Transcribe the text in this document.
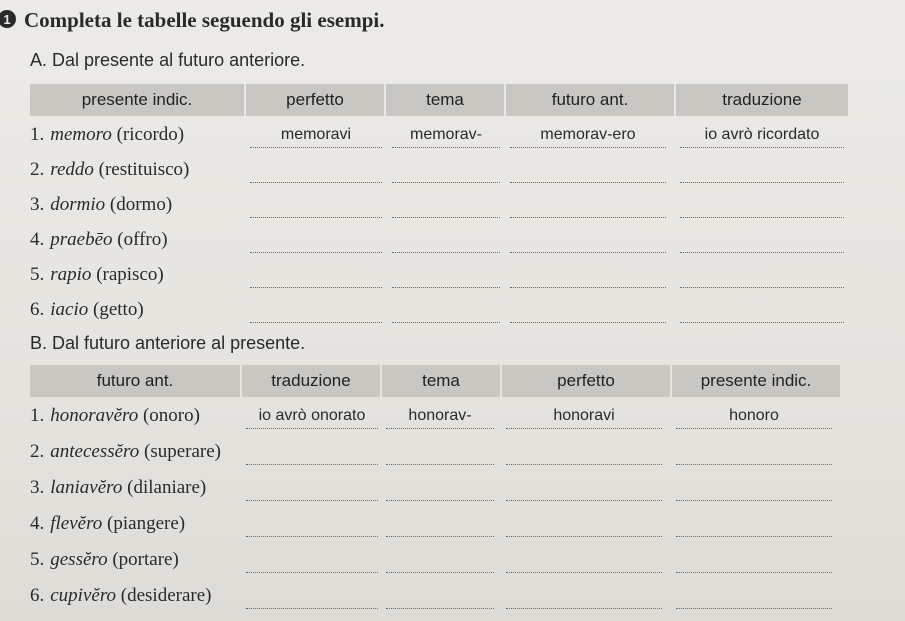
1 Completa le tabelle seguendo gli esempi.
A. Dal presente al futuro anteriore.
presente indic.	perfetto	tema	futuro ant.	traduzione
1. memoro (ricordo)	memoravi	memorav-	memorav-ero	io avrò ricordato
2. reddo (restituisco)
3. dormio (dormo)
4. praebēo (offro)
5. rapio (rapisco)
6. iacio (getto)
B. Dal futuro anteriore al presente.
futuro ant.	traduzione	tema	perfetto	presente indic.
1. honoravĕro (onoro)	io avrò onorato	honorav-	honoravi	honoro
2. antecessĕro (superare)
3. laniavĕro (dilaniare)
4. flevĕro (piangere)
5. gessĕro (portare)
6. cupivĕro (desiderare)
